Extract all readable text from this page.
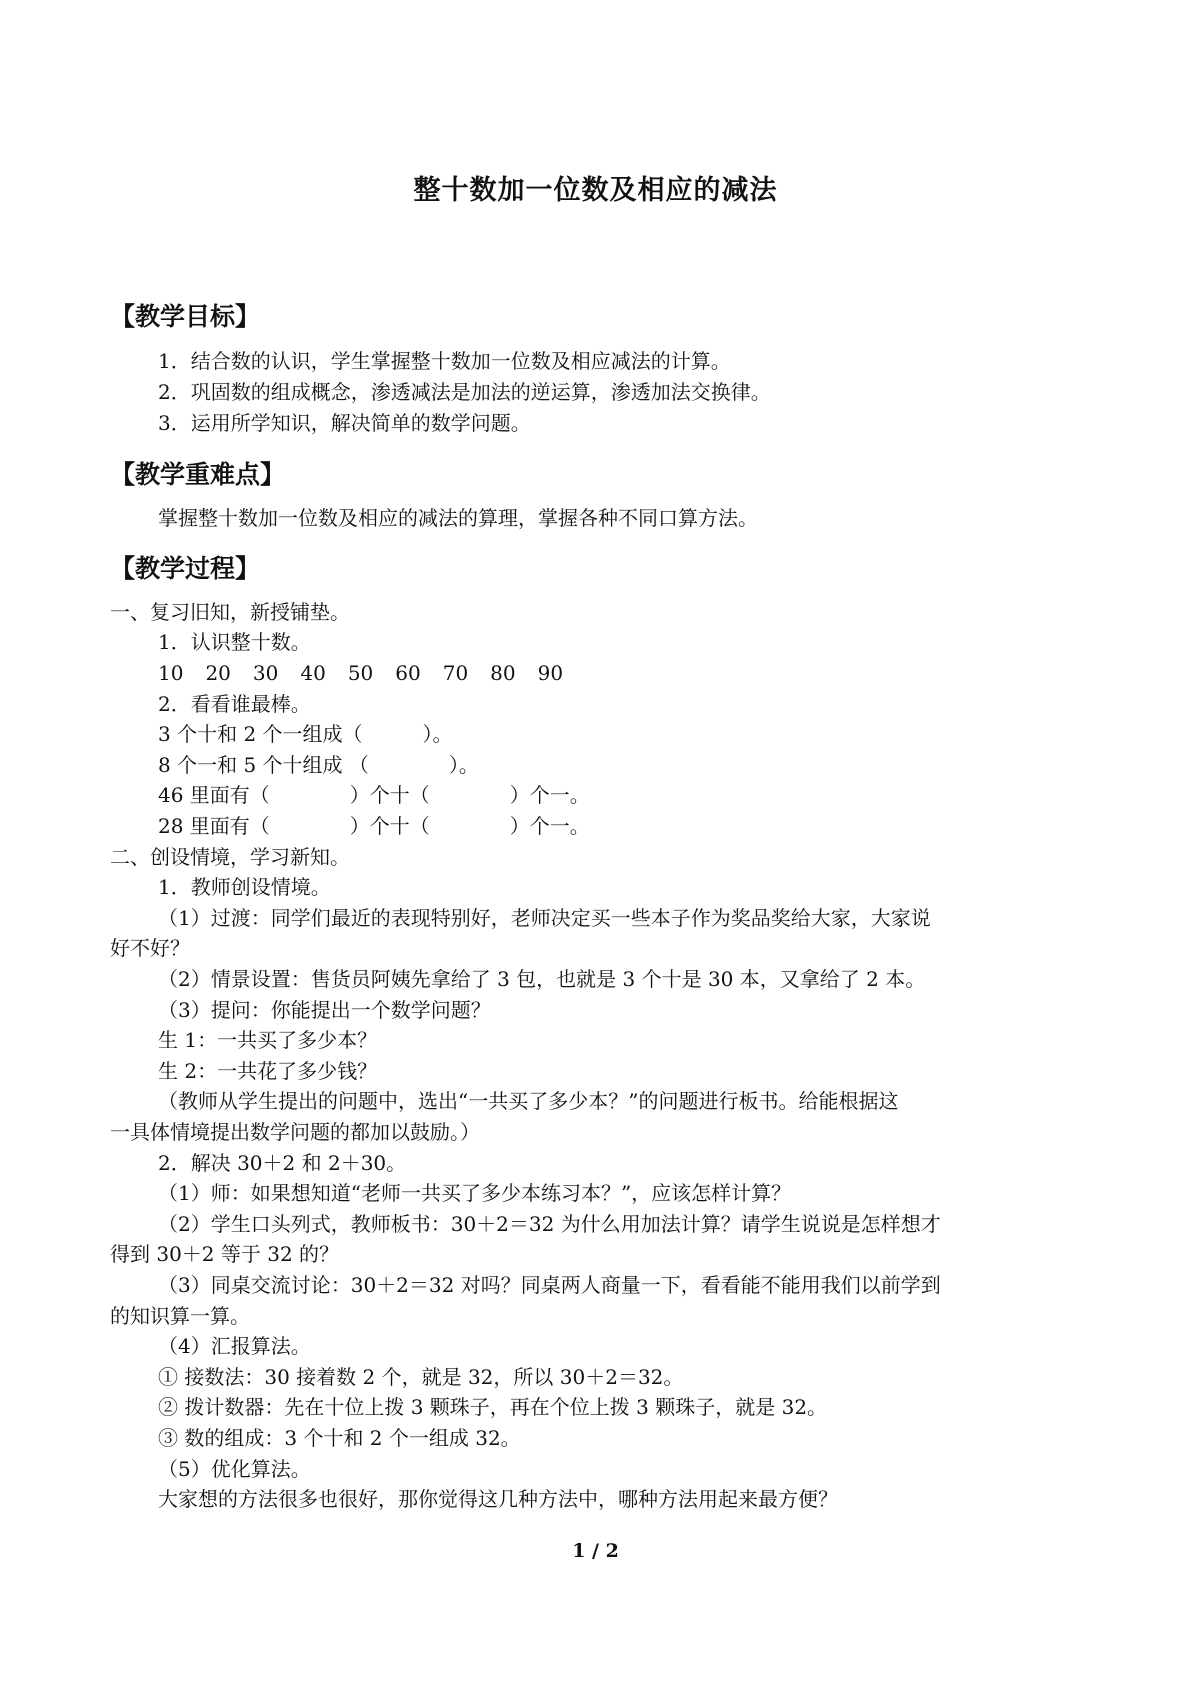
整十数加一位数及相应的减法
【教学目标】
1．结合数的认识，学生掌握整十数加一位数及相应减法的计算。
2．巩固数的组成概念，渗透减法是加法的逆运算，渗透加法交换律。
3．运用所学知识，解决简单的数学问题。
【教学重难点】
掌握整十数加一位数及相应的减法的算理，掌握各种不同口算方法。
【教学过程】
一、复习旧知，新授铺垫。
1．认识整十数。
10 20 30 40 50 60 70 80 90
2．看看谁最棒。
3 个十和 2 个一组成（　　　）。
8 个一和 5 个十组成 （　　　　）。
46 里面有（　　　　）个十（　　　　）个一。
28 里面有（　　　　）个十（　　　　）个一。
二、创设情境，学习新知。
1．教师创设情境。
（1）过渡：同学们最近的表现特别好，老师决定买一些本子作为奖品奖给大家，大家说
好不好？
（2）情景设置：售货员阿姨先拿给了 3 包，也就是 3 个十是 30 本，又拿给了 2 本。
（3）提问：你能提出一个数学问题？
生 1：一共买了多少本？
生 2：一共花了多少钱？
（教师从学生提出的问题中，选出“一共买了多少本？”的问题进行板书。给能根据这
一具体情境提出数学问题的都加以鼓励。）
2．解决 30＋2 和 2＋30。
（1）师：如果想知道“老师一共买了多少本练习本？”，应该怎样计算？
（2）学生口头列式，教师板书：30＋2＝32 为什么用加法计算？请学生说说是怎样想才
得到 30＋2 等于 32 的？
（3）同桌交流讨论：30＋2＝32 对吗？同桌两人商量一下，看看能不能用我们以前学到
的知识算一算。
（4）汇报算法。
① 接数法：30 接着数 2 个，就是 32，所以 30＋2＝32。
② 拨计数器：先在十位上拨 3 颗珠子，再在个位上拨 3 颗珠子，就是 32。
③ 数的组成：3 个十和 2 个一组成 32。
（5）优化算法。
大家想的方法很多也很好，那你觉得这几种方法中，哪种方法用起来最方便？
1 / 2
